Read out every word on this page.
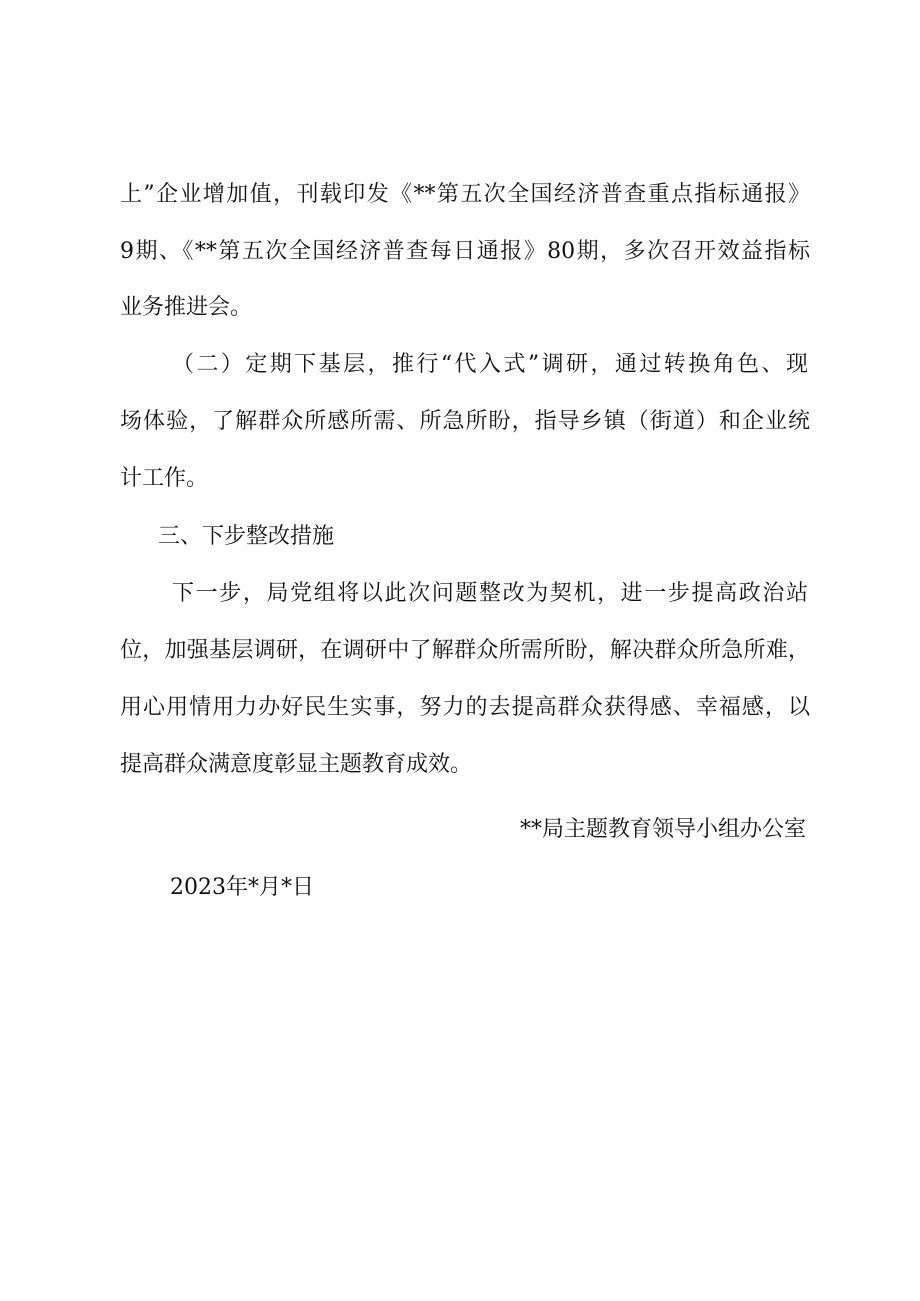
上”企业增加值，刊载印发《**第五次全国经济普查重点指标通报》
9期、《**第五次全国经济普查每日通报》80期，多次召开效益指标
业务推进会。
（二）定期下基层，推行“代入式”调研，通过转换角色、现
场体验，了解群众所感所需、所急所盼，指导乡镇（街道）和企业统
计工作。
三、下步整改措施
下一步，局党组将以此次问题整改为契机，进一步提高政治站
位，加强基层调研，在调研中了解群众所需所盼，解决群众所急所难，
用心用情用力办好民生实事，努力的去提高群众获得感、幸福感，以
提高群众满意度彰显主题教育成效。
**局主题教育领导小组办公室
2023年*月*日
